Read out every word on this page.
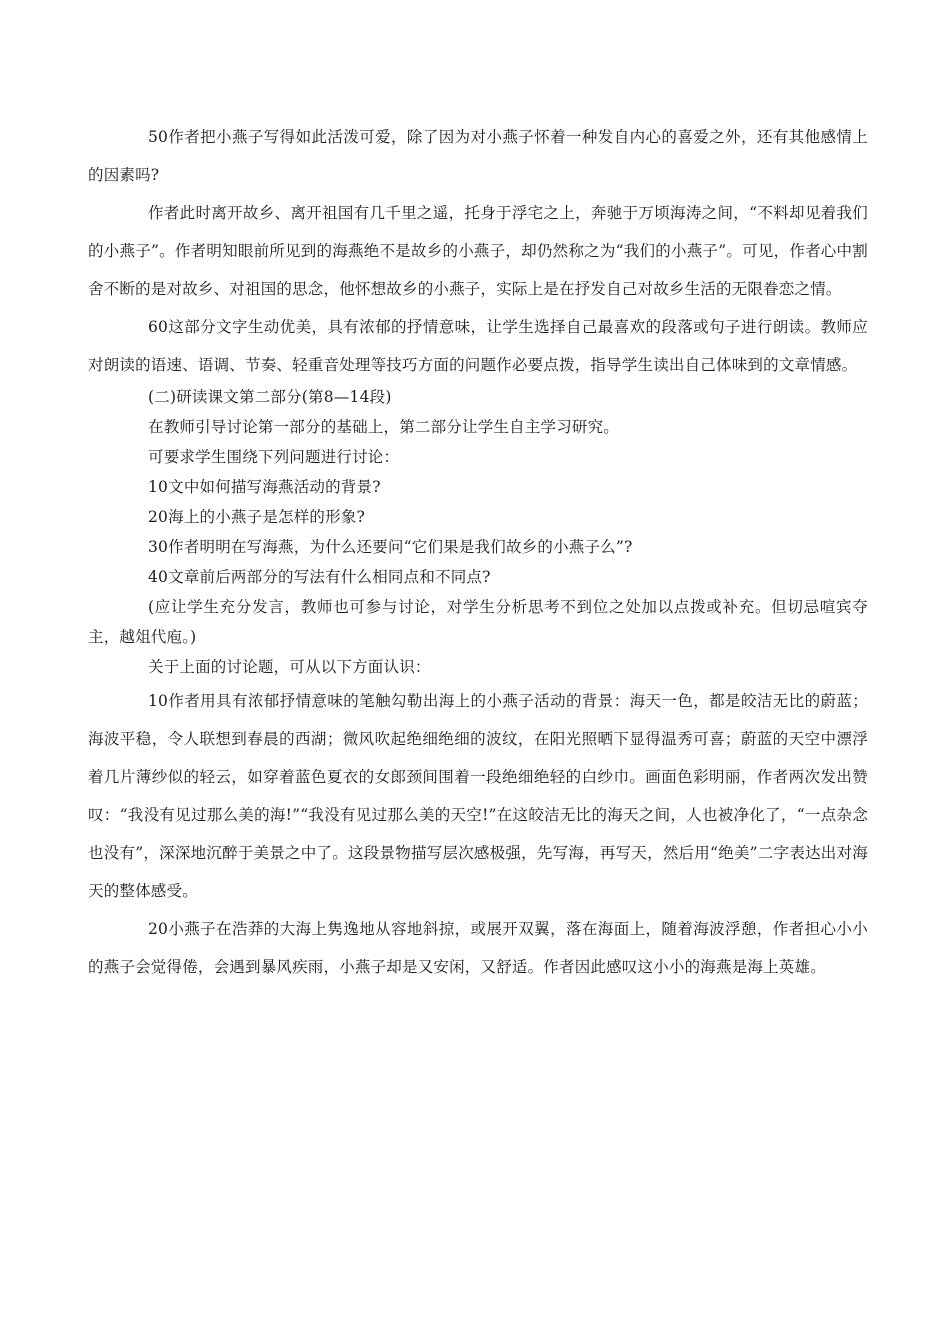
50作者把小燕子写得如此活泼可爱，除了因为对小燕子怀着一种发自内心的喜爱之外，还有其他感情上的因素吗?

作者此时离开故乡、离开祖国有几千里之遥，托身于浮宅之上，奔驰于万顷海涛之间，“不料却见着我们的小燕子”。作者明知眼前所见到的海燕绝不是故乡的小燕子，却仍然称之为“我们的小燕子”。可见，作者心中割舍不断的是对故乡、对祖国的思念，他怀想故乡的小燕子，实际上是在抒发自己对故乡生活的无限眷恋之情。

60这部分文字生动优美，具有浓郁的抒情意味，让学生选择自己最喜欢的段落或句子进行朗读。教师应对朗读的语速、语调、节奏、轻重音处理等技巧方面的问题作必要点拨，指导学生读出自己体味到的文章情感。

(二)研读课文第二部分(第8—14段)

在教师引导讨论第一部分的基础上，第二部分让学生自主学习研究。

可要求学生围绕下列问题进行讨论：

10文中如何描写海燕活动的背景?

20海上的小燕子是怎样的形象?

30作者明明在写海燕，为什么还要问“它们果是我们故乡的小燕子么”?

40文章前后两部分的写法有什么相同点和不同点?

(应让学生充分发言，教师也可参与讨论，对学生分析思考不到位之处加以点拨或补充。但切忌喧宾夺主，越俎代庖。)

关于上面的讨论题，可从以下方面认识：

10作者用具有浓郁抒情意味的笔触勾勒出海上的小燕子活动的背景：海天一色，都是皎洁无比的蔚蓝；海波平稳，令人联想到春晨的西湖；微风吹起绝细绝细的波纹，在阳光照晒下显得温秀可喜；蔚蓝的天空中漂浮着几片薄纱似的轻云，如穿着蓝色夏衣的女郎颈间围着一段绝细绝轻的白纱巾。画面色彩明丽，作者两次发出赞叹：“我没有见过那么美的海!”“我没有见过那么美的天空!”在这皎洁无比的海天之间，人也被净化了，“一点杂念也没有”，深深地沉醉于美景之中了。这段景物描写层次感极强，先写海，再写天，然后用“绝美”二字表达出对海天的整体感受。

20小燕子在浩莽的大海上隽逸地从容地斜掠，或展开双翼，落在海面上，随着海波浮憩，作者担心小小的燕子会觉得倦，会遇到暴风疾雨，小燕子却是又安闲，又舒适。作者因此感叹这小小的海燕是海上英雄。
